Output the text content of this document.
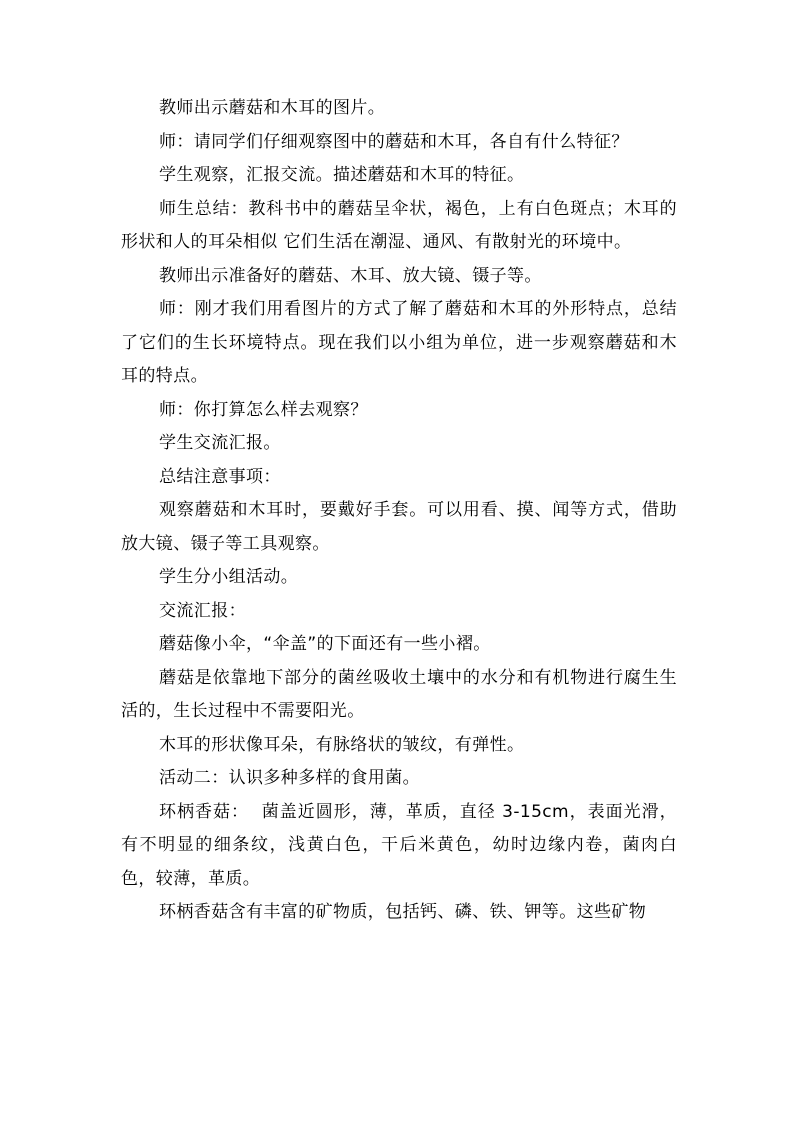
教师出示蘑菇和木耳的图片。

师：请同学们仔细观察图中的蘑菇和木耳，各自有什么特征？

学生观察，汇报交流。描述蘑菇和木耳的特征。

师生总结：教科书中的蘑菇呈伞状，褐色，上有白色斑点；木耳的形状和人的耳朵相似 它们生活在潮湿、通风、有散射光的环境中。

教师出示准备好的蘑菇、木耳、放大镜、镊子等。

师：刚才我们用看图片的方式了解了蘑菇和木耳的外形特点，总结了它们的生长环境特点。现在我们以小组为单位，进一步观察蘑菇和木耳的特点。

师：你打算怎么样去观察？

学生交流汇报。

总结注意事项：

观察蘑菇和木耳时，要戴好手套。可以用看、摸、闻等方式，借助放大镜、镊子等工具观察。

学生分小组活动。

交流汇报：

蘑菇像小伞，“伞盖”的下面还有一些小褶。

蘑菇是依靠地下部分的菌丝吸收土壤中的水分和有机物进行腐生生活的，生长过程中不需要阳光。

木耳的形状像耳朵，有脉络状的皱纹，有弹性。

活动二：认识多种多样的食用菌。

环柄香菇：  菌盖近圆形，薄，革质，直径 3-15cm，表面光滑，有不明显的细条纹，浅黄白色，干后米黄色，幼时边缘内卷，菌肉白色，较薄，革质。

环柄香菇含有丰富的矿物质，包括钙、磷、铁、钾等。这些矿物
